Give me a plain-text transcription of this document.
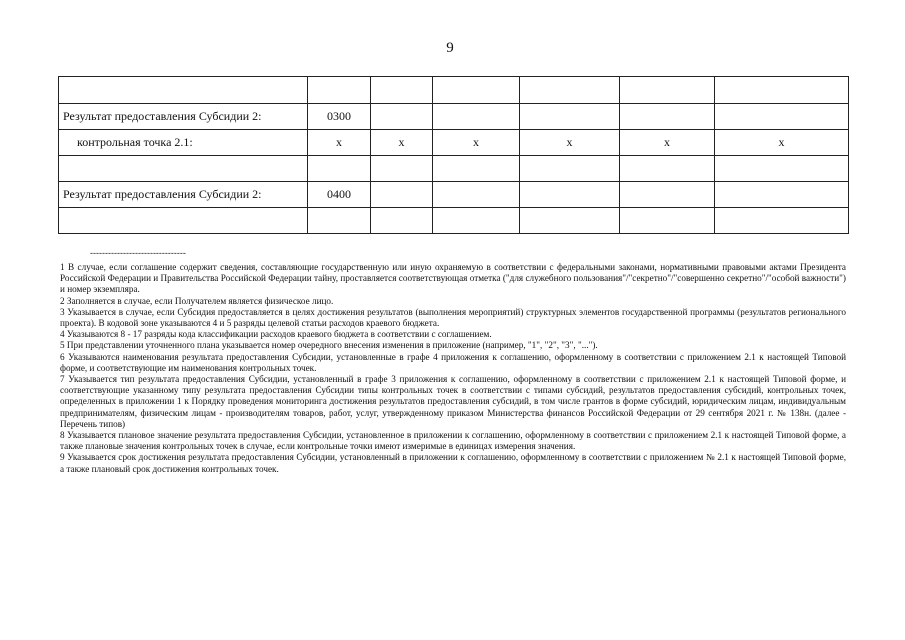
9

Результат предоставления Субсидии 2:	0300					
контрольная точка 2.1:	x	x	x	x	x	x

Результат предоставления Субсидии 2:	0400					

--------------------------------

1 В случае, если соглашение содержит сведения, составляющие государственную или иную охраняемую в соответствии с федеральными законами, нормативными правовыми актами Президента Российской Федерации и Правительства Российской Федерации тайну, проставляется соответствующая отметка ("для служебного пользования"/"секретно"/"совершенно секретно"/"особой важности") и номер экземпляра.

2 Заполняется в случае, если Получателем является физическое лицо.

3 Указывается в случае, если Субсидия предоставляется в целях достижения результатов (выполнения мероприятий) структурных элементов государственной программы (результатов регионального проекта). В кодовой зоне указываются 4 и 5 разряды целевой статьи расходов краевого бюджета.

4 Указываются 8 - 17 разряды кода классификации расходов краевого бюджета в соответствии с соглашением.

5 При представлении уточненного плана указывается номер очередного внесения изменения в приложение (например, "1", "2", "3", "...").

6 Указываются наименования результата предоставления Субсидии, установленные в графе 4 приложения к соглашению, оформленному в соответствии с приложением 2.1 к настоящей Типовой форме, и соответствующие им наименования контрольных точек.

7 Указывается тип результата предоставления Субсидии, установленный в графе 3 приложения к соглашению, оформленному в соответствии с приложением 2.1 к настоящей Типовой форме, и соответствующие указанному типу результата предоставления Субсидии типы контрольных точек в соответствии с типами субсидий, результатов предоставления субсидий, контрольных точек, определенных в приложении 1 к Порядку проведения мониторинга достижения результатов предоставления субсидий, в том числе грантов в форме субсидий, юридическим лицам, индивидуальным предпринимателям, физическим лицам - производителям товаров, работ, услуг, утвержденному приказом Министерства финансов Российской Федерации от 29 сентября 2021 г. № 138н. (далее - Перечень типов)

8 Указывается плановое значение результата предоставления Субсидии, установленное в приложении к соглашению, оформленному в соответствии с приложением 2.1 к настоящей Типовой форме, а также плановые значения контрольных точек в случае, если контрольные точки имеют измеримые в единицах измерения значения.

9 Указывается срок достижения результата предоставления Субсидии, установленный в приложении к соглашению, оформленному в соответствии с приложением № 2.1 к настоящей Типовой форме, а также плановый срок достижения контрольных точек.
